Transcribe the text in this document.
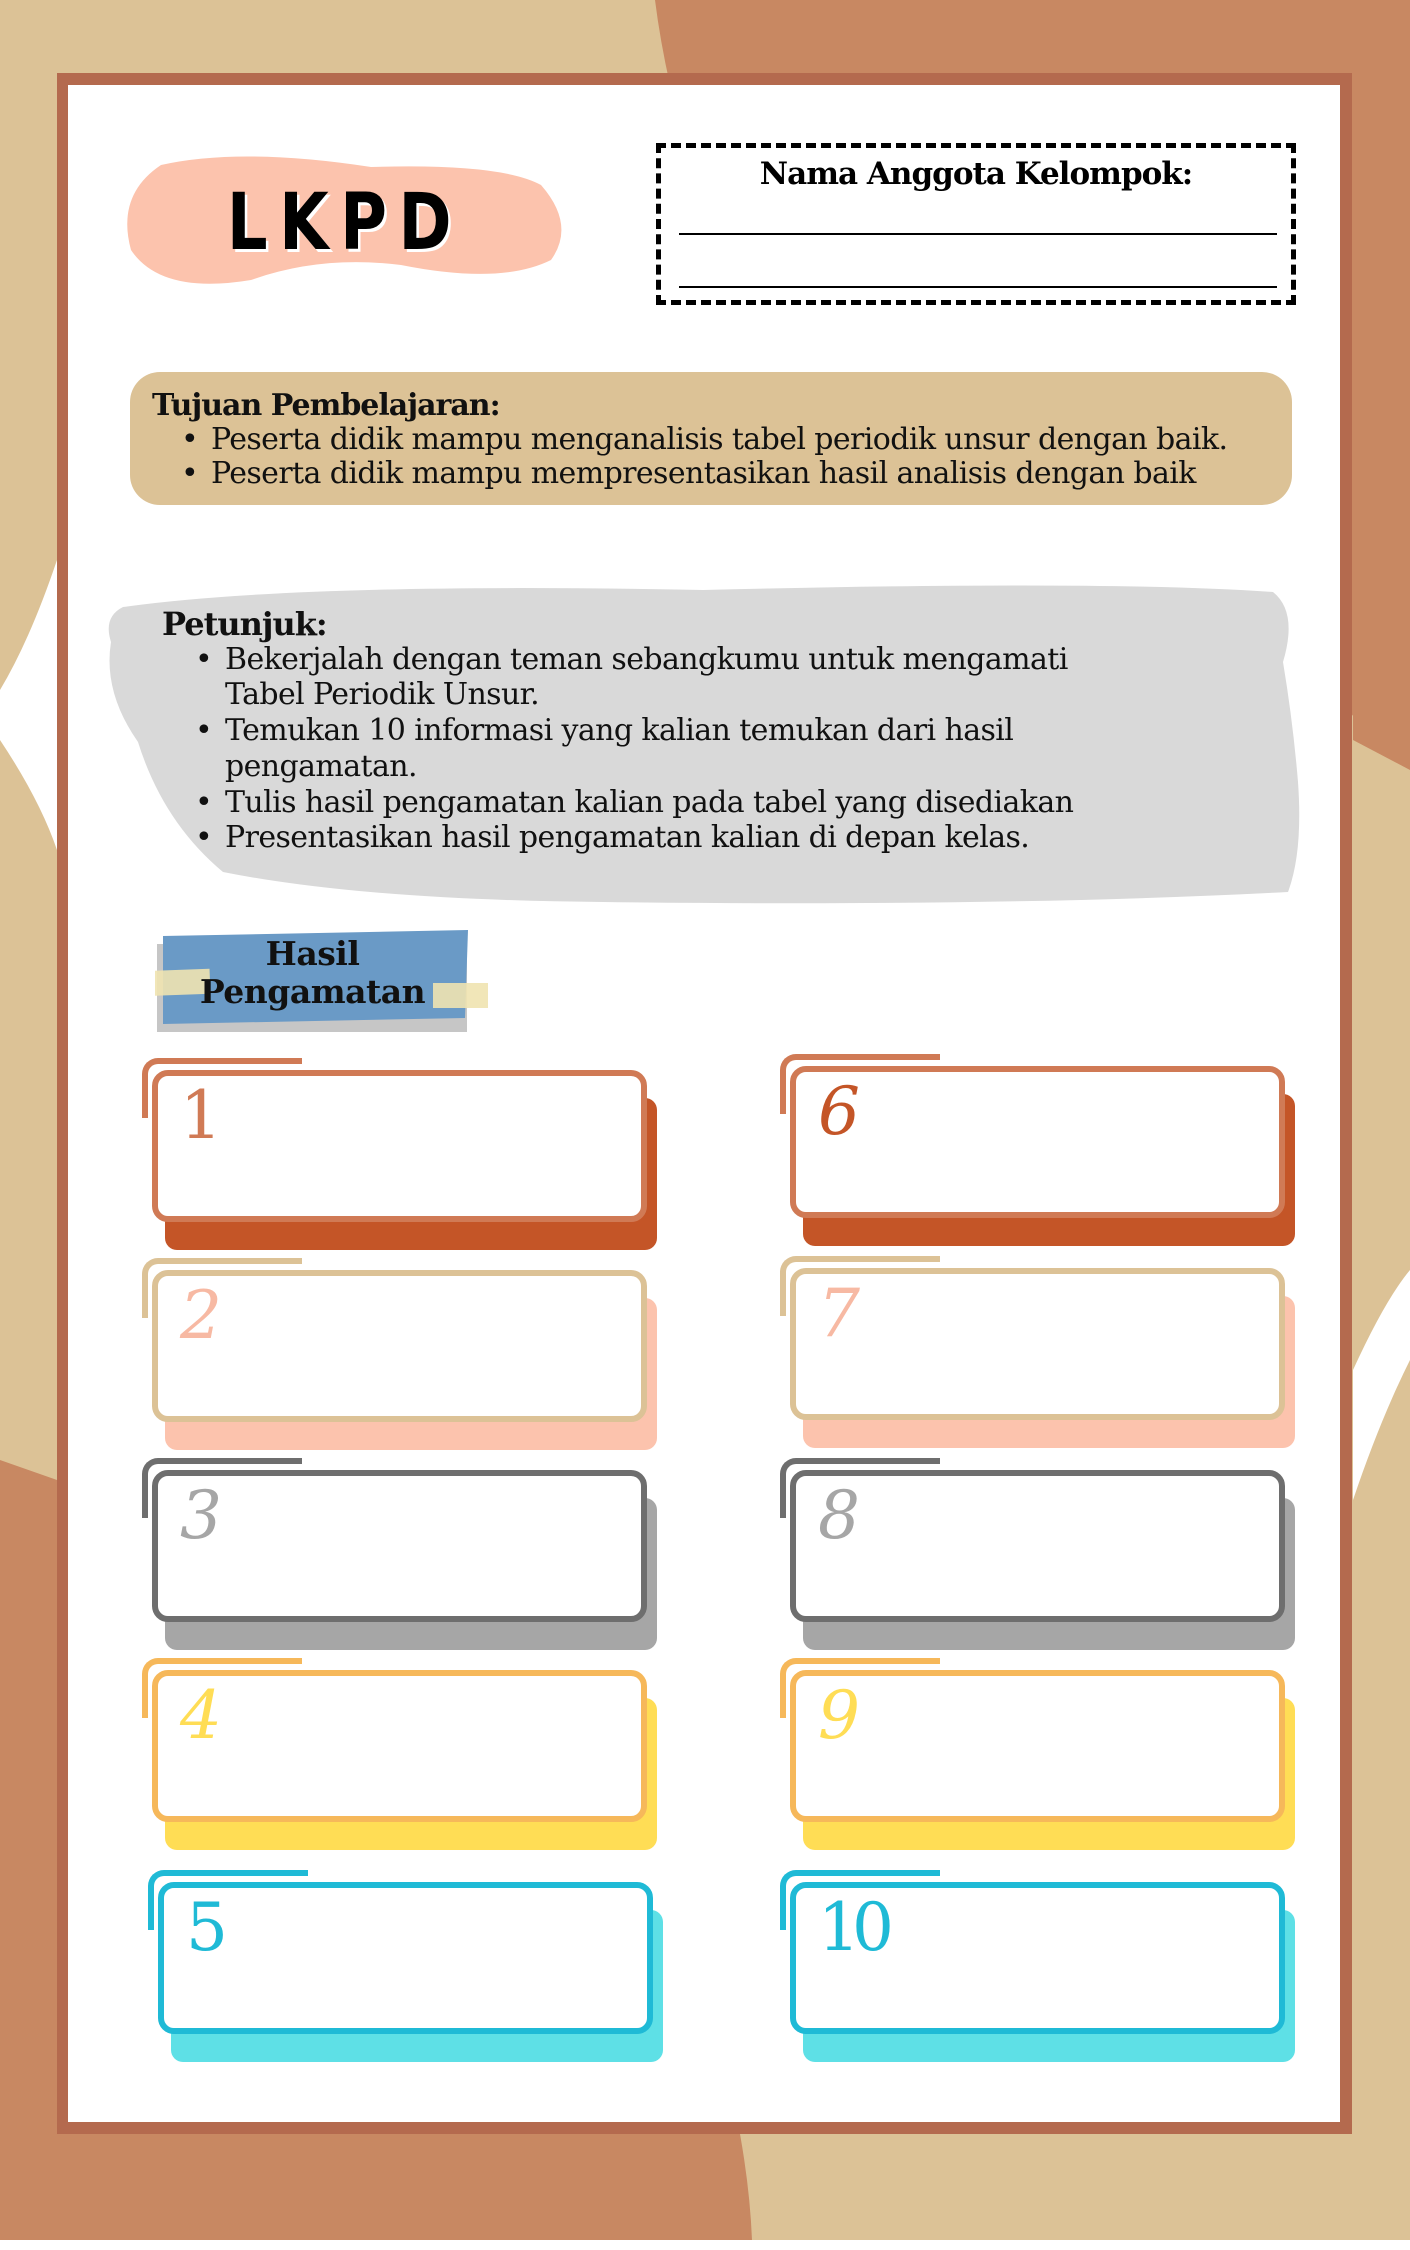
LKPD
Nama Anggota Kelompok:
Tujuan Pembelajaran:
• Peserta didik mampu menganalisis tabel periodik unsur dengan baik.
• Peserta didik mampu mempresentasikan hasil analisis dengan baik
Petunjuk:
• Bekerjalah dengan teman sebangkumu untuk mengamati
Tabel Periodik Unsur.
• Temukan 10 informasi yang kalian temukan dari hasil
pengamatan.
• Tulis hasil pengamatan kalian pada tabel yang disediakan
• Presentasikan hasil pengamatan kalian di depan kelas.
Hasil
Pengamatan
1
2
3
4
5
6
7
8
9
10
